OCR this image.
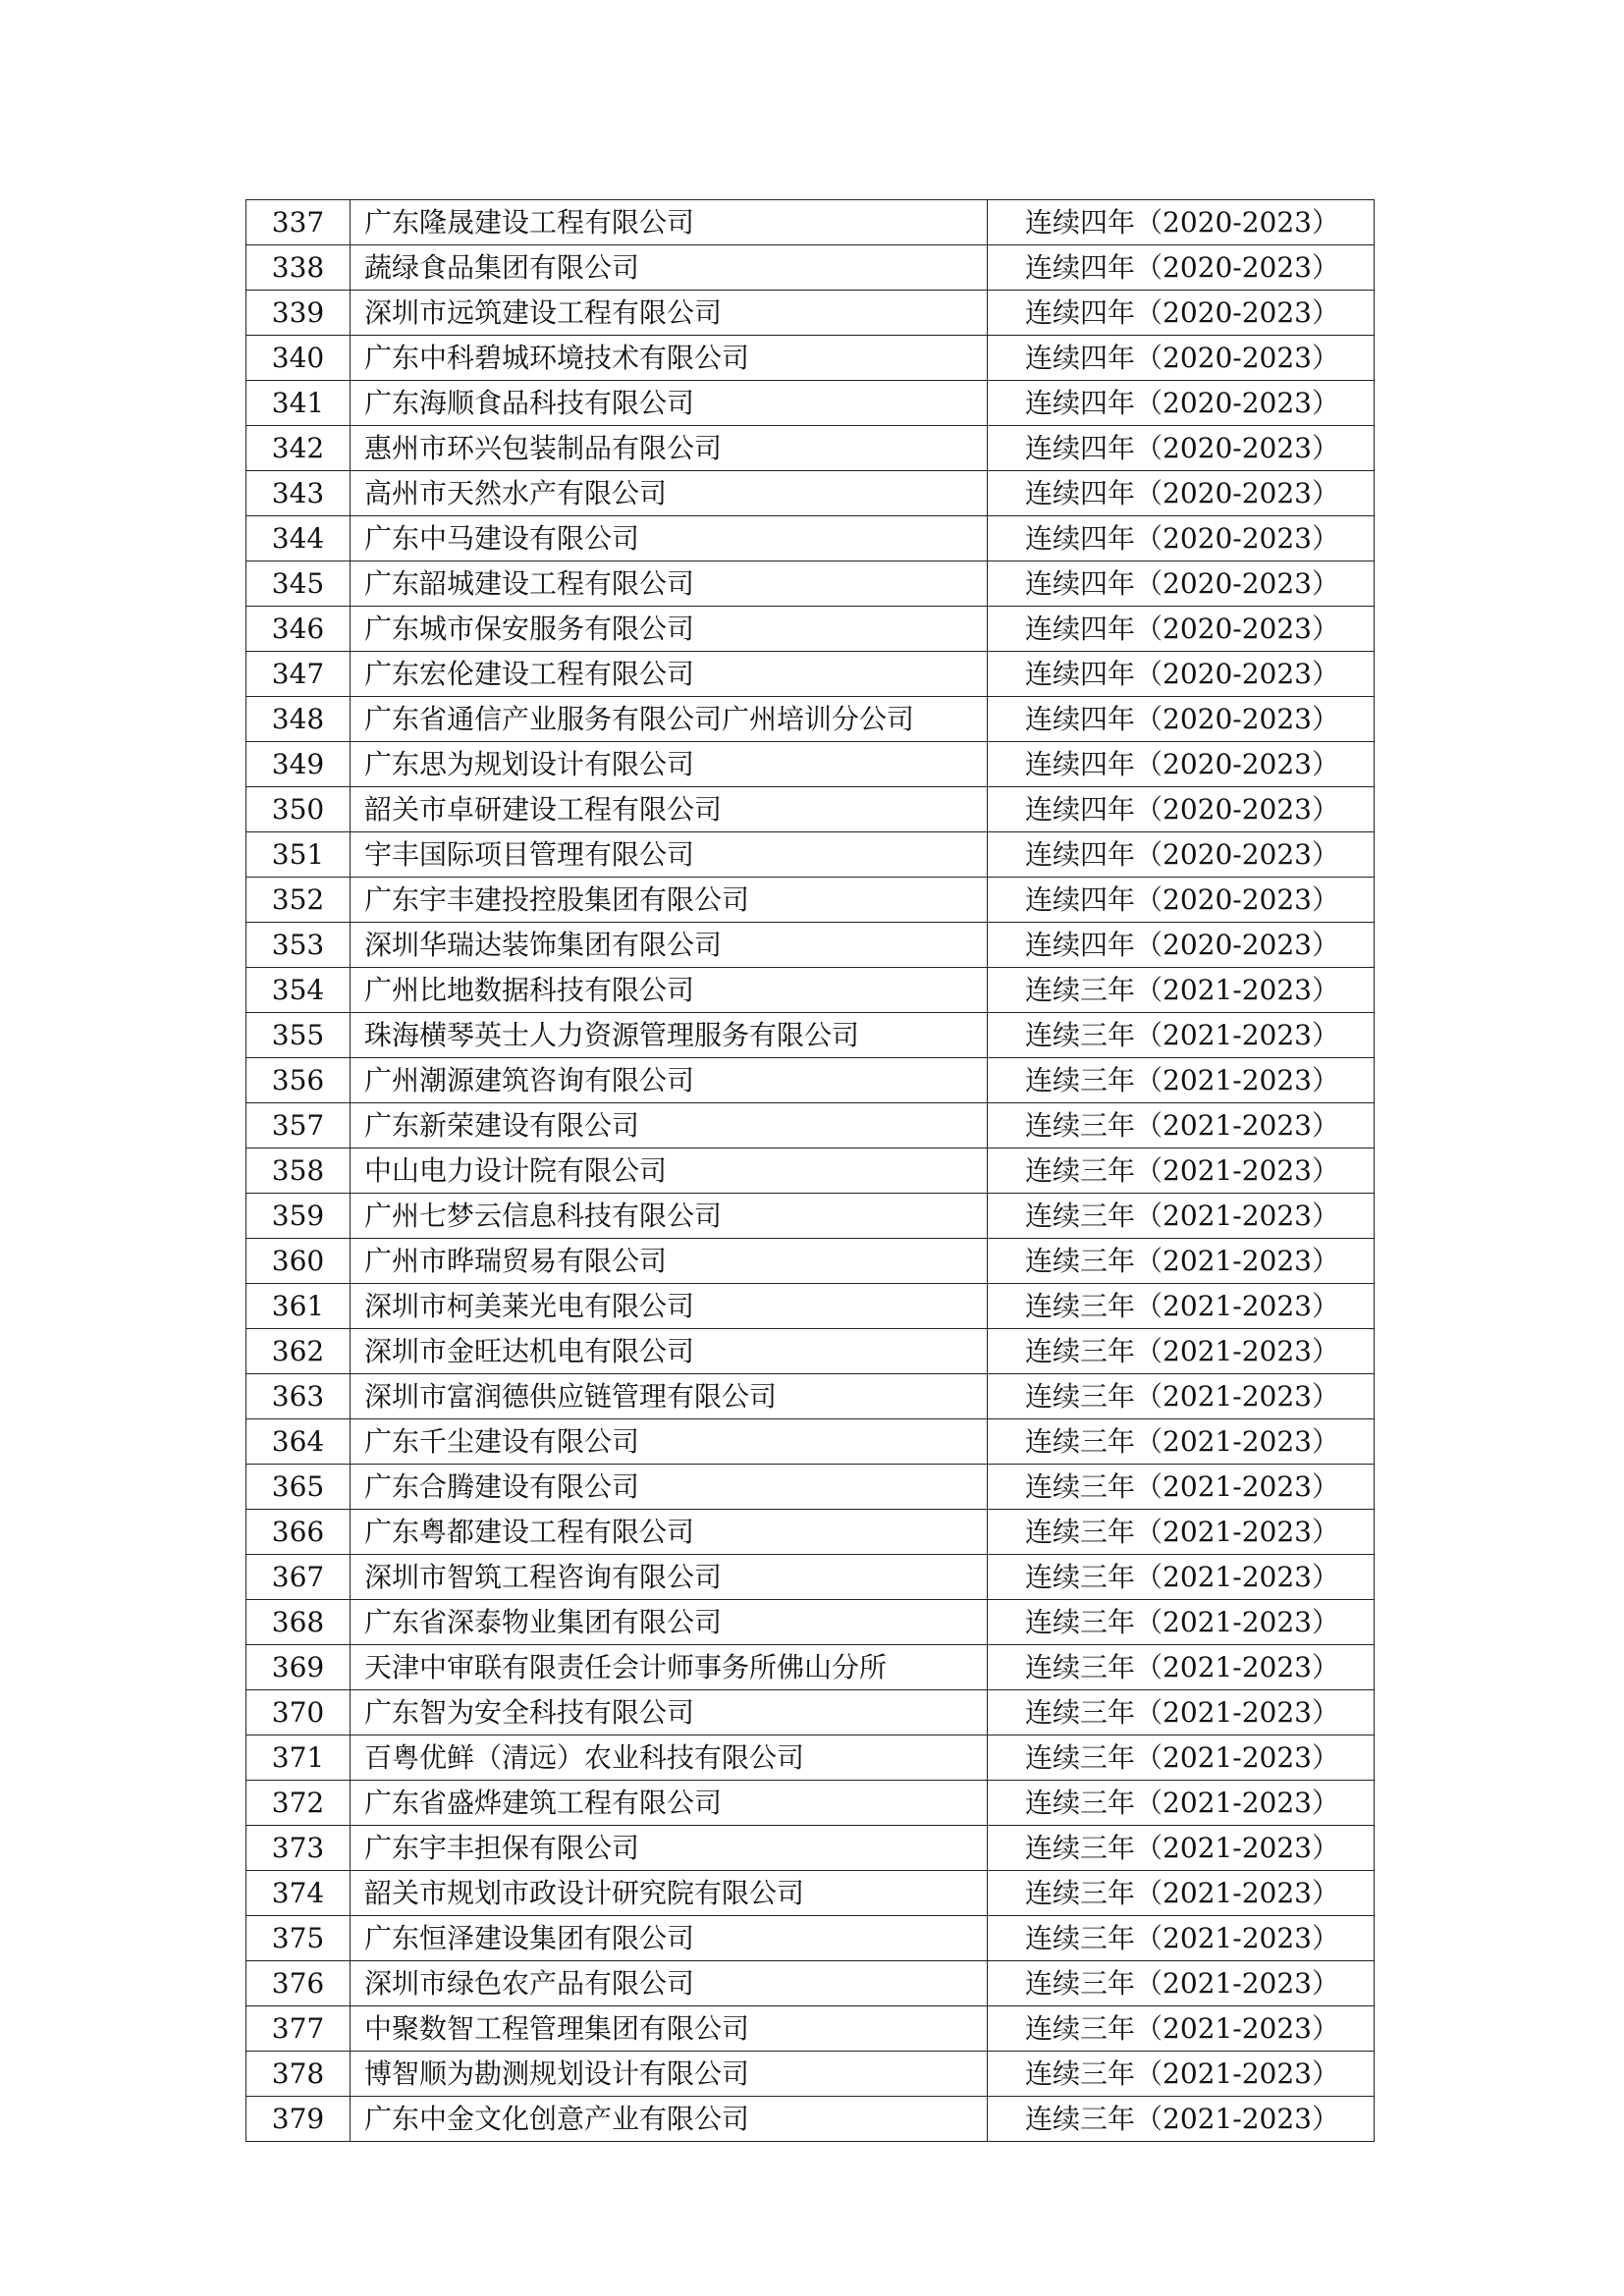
337	广东隆晟建设工程有限公司	连续四年（2020-2023）
338	蔬绿食品集团有限公司	连续四年（2020-2023）
339	深圳市远筑建设工程有限公司	连续四年（2020-2023）
340	广东中科碧城环境技术有限公司	连续四年（2020-2023）
341	广东海顺食品科技有限公司	连续四年（2020-2023）
342	惠州市环兴包装制品有限公司	连续四年（2020-2023）
343	高州市天然水产有限公司	连续四年（2020-2023）
344	广东中马建设有限公司	连续四年（2020-2023）
345	广东韶城建设工程有限公司	连续四年（2020-2023）
346	广东城市保安服务有限公司	连续四年（2020-2023）
347	广东宏伦建设工程有限公司	连续四年（2020-2023）
348	广东省通信产业服务有限公司广州培训分公司	连续四年（2020-2023）
349	广东思为规划设计有限公司	连续四年（2020-2023）
350	韶关市卓研建设工程有限公司	连续四年（2020-2023）
351	宇丰国际项目管理有限公司	连续四年（2020-2023）
352	广东宇丰建投控股集团有限公司	连续四年（2020-2023）
353	深圳华瑞达装饰集团有限公司	连续四年（2020-2023）
354	广州比地数据科技有限公司	连续三年（2021-2023）
355	珠海横琴英士人力资源管理服务有限公司	连续三年（2021-2023）
356	广州潮源建筑咨询有限公司	连续三年（2021-2023）
357	广东新荣建设有限公司	连续三年（2021-2023）
358	中山电力设计院有限公司	连续三年（2021-2023）
359	广州七梦云信息科技有限公司	连续三年（2021-2023）
360	广州市晔瑞贸易有限公司	连续三年（2021-2023）
361	深圳市柯美莱光电有限公司	连续三年（2021-2023）
362	深圳市金旺达机电有限公司	连续三年（2021-2023）
363	深圳市富润德供应链管理有限公司	连续三年（2021-2023）
364	广东千尘建设有限公司	连续三年（2021-2023）
365	广东合腾建设有限公司	连续三年（2021-2023）
366	广东粤都建设工程有限公司	连续三年（2021-2023）
367	深圳市智筑工程咨询有限公司	连续三年（2021-2023）
368	广东省深泰物业集团有限公司	连续三年（2021-2023）
369	天津中审联有限责任会计师事务所佛山分所	连续三年（2021-2023）
370	广东智为安全科技有限公司	连续三年（2021-2023）
371	百粤优鲜（清远）农业科技有限公司	连续三年（2021-2023）
372	广东省盛烨建筑工程有限公司	连续三年（2021-2023）
373	广东宇丰担保有限公司	连续三年（2021-2023）
374	韶关市规划市政设计研究院有限公司	连续三年（2021-2023）
375	广东恒泽建设集团有限公司	连续三年（2021-2023）
376	深圳市绿色农产品有限公司	连续三年（2021-2023）
377	中聚数智工程管理集团有限公司	连续三年（2021-2023）
378	博智顺为勘测规划设计有限公司	连续三年（2021-2023）
379	广东中金文化创意产业有限公司	连续三年（2021-2023）
